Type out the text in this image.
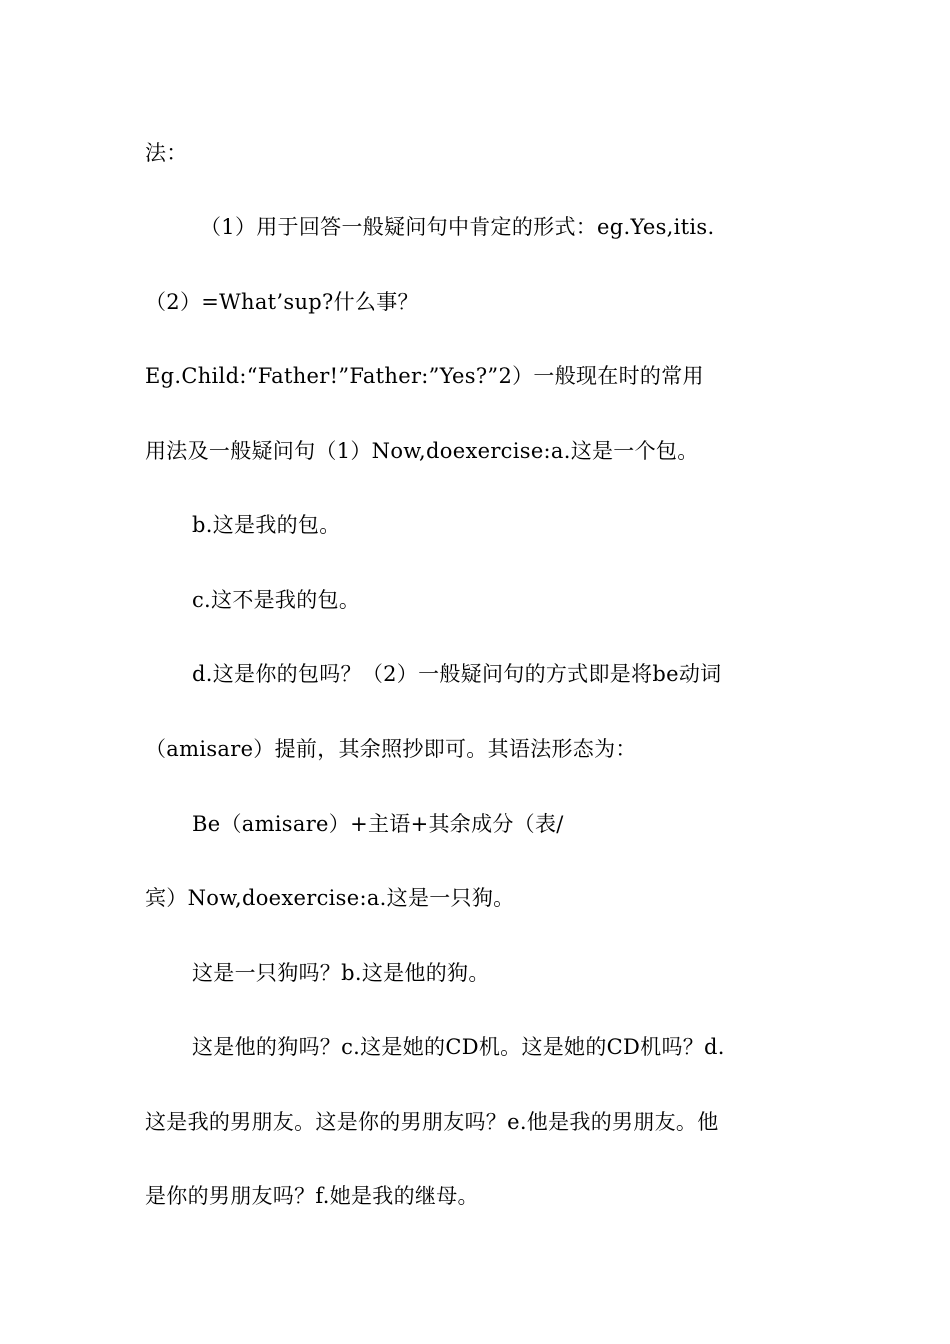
法：
（1）用于回答一般疑问句中肯定的形式：eg.Yes,itis.
（2）=What’sup?什么事？
Eg.Child:“Father!”Father:”Yes?”2）一般现在时的常用
用法及一般疑问句（1）Now,doexercise:a.这是一个包。
b.这是我的包。
c.这不是我的包。
d.这是你的包吗？（2）一般疑问句的方式即是将be动词
（amisare）提前，其余照抄即可。其语法形态为：
Be（amisare）+主语+其余成分（表/
宾）Now,doexercise:a.这是一只狗。
这是一只狗吗？b.这是他的狗。
这是他的狗吗？c.这是她的CD机。这是她的CD机吗？d.
这是我的男朋友。这是你的男朋友吗？e.他是我的男朋友。他
是你的男朋友吗？f.她是我的继母。
